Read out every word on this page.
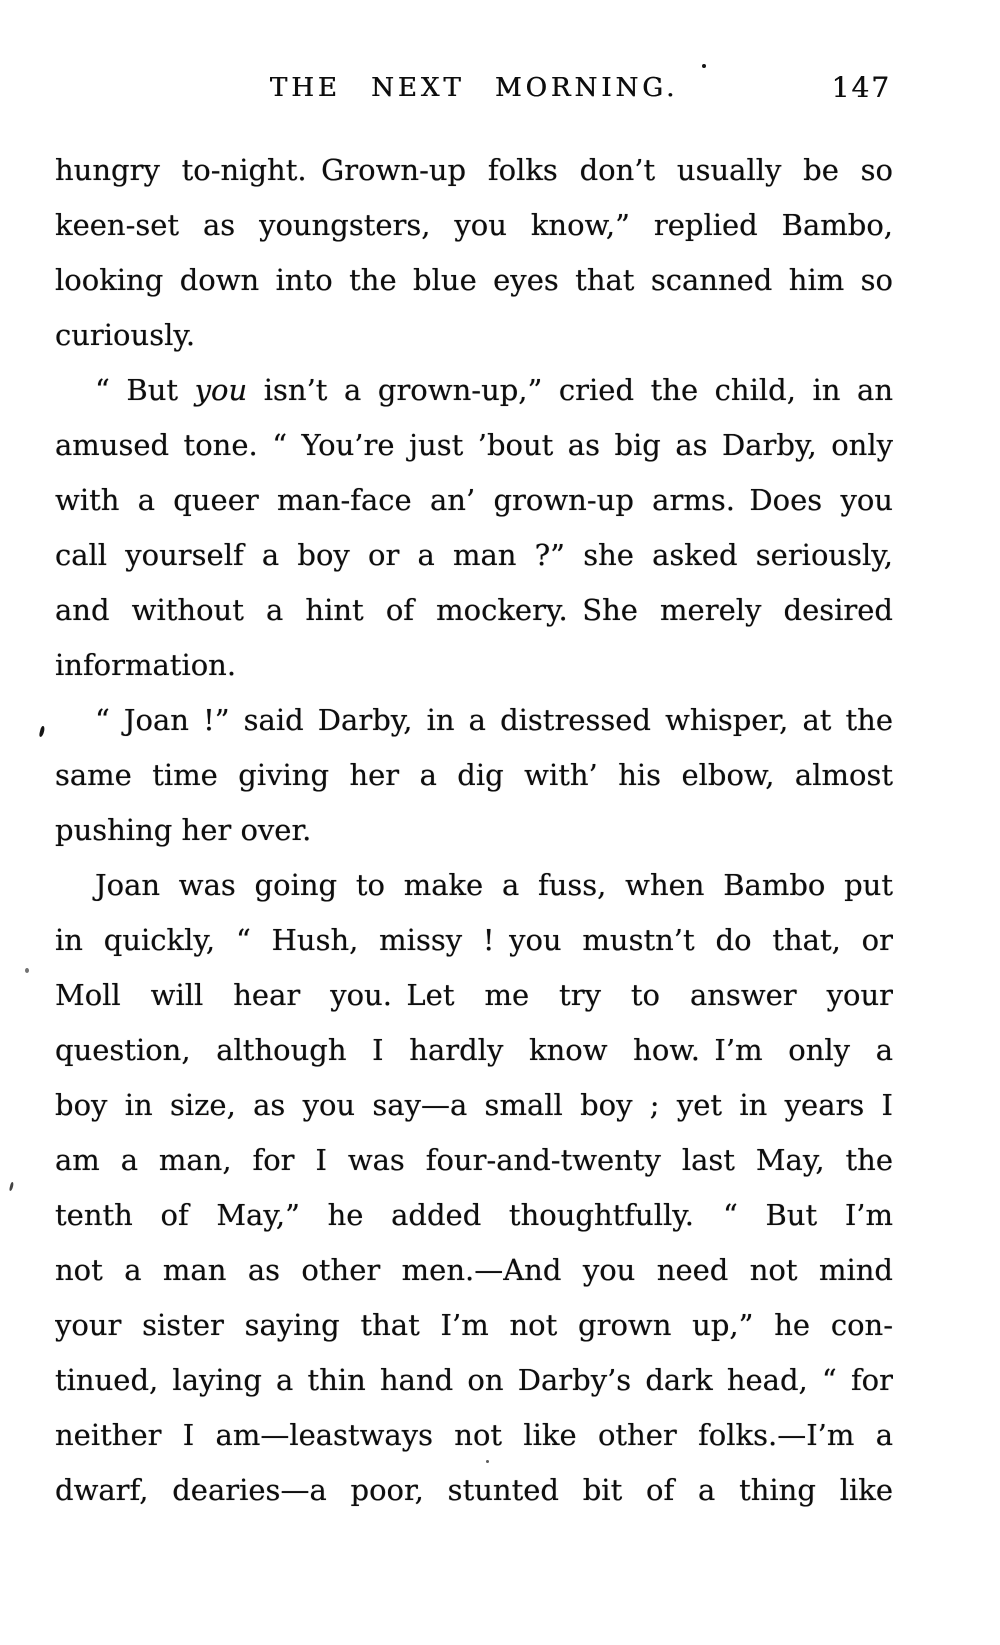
THE NEXT MORNING.	147
hungry to-night. Grown-up folks don’t usually be so
keen-set as youngsters, you know,” replied Bambo,
looking down into the blue eyes that scanned him so
curiously.
“ But you isn’t a grown-up,” cried the child, in an
amused tone. “ You’re just ’bout as big as Darby, only
with a queer man-face an’ grown-up arms. Does you
call yourself a boy or a man ?” she asked seriously,
and without a hint of mockery. She merely desired
information.
“ Joan !” said Darby, in a distressed whisper, at the
same time giving her a dig with’ his elbow, almost
pushing her over.
Joan was going to make a fuss, when Bambo put
in quickly, “ Hush, missy ! you mustn’t do that, or
Moll will hear you. Let me try to answer your
question, although I hardly know how. I’m only a
boy in size, as you say—a small boy ; yet in years I
am a man, for I was four-and-twenty last May, the
tenth of May,” he added thoughtfully.  “ But I’m
not a man as other men.—And you need not mind
your sister saying that I’m not grown up,” he con-
tinued, laying a thin hand on Darby’s dark head, “ for
neither I am—leastways not like other folks.—I’m a
dwarf, dearies—a poor, stunted bit of a thing like
